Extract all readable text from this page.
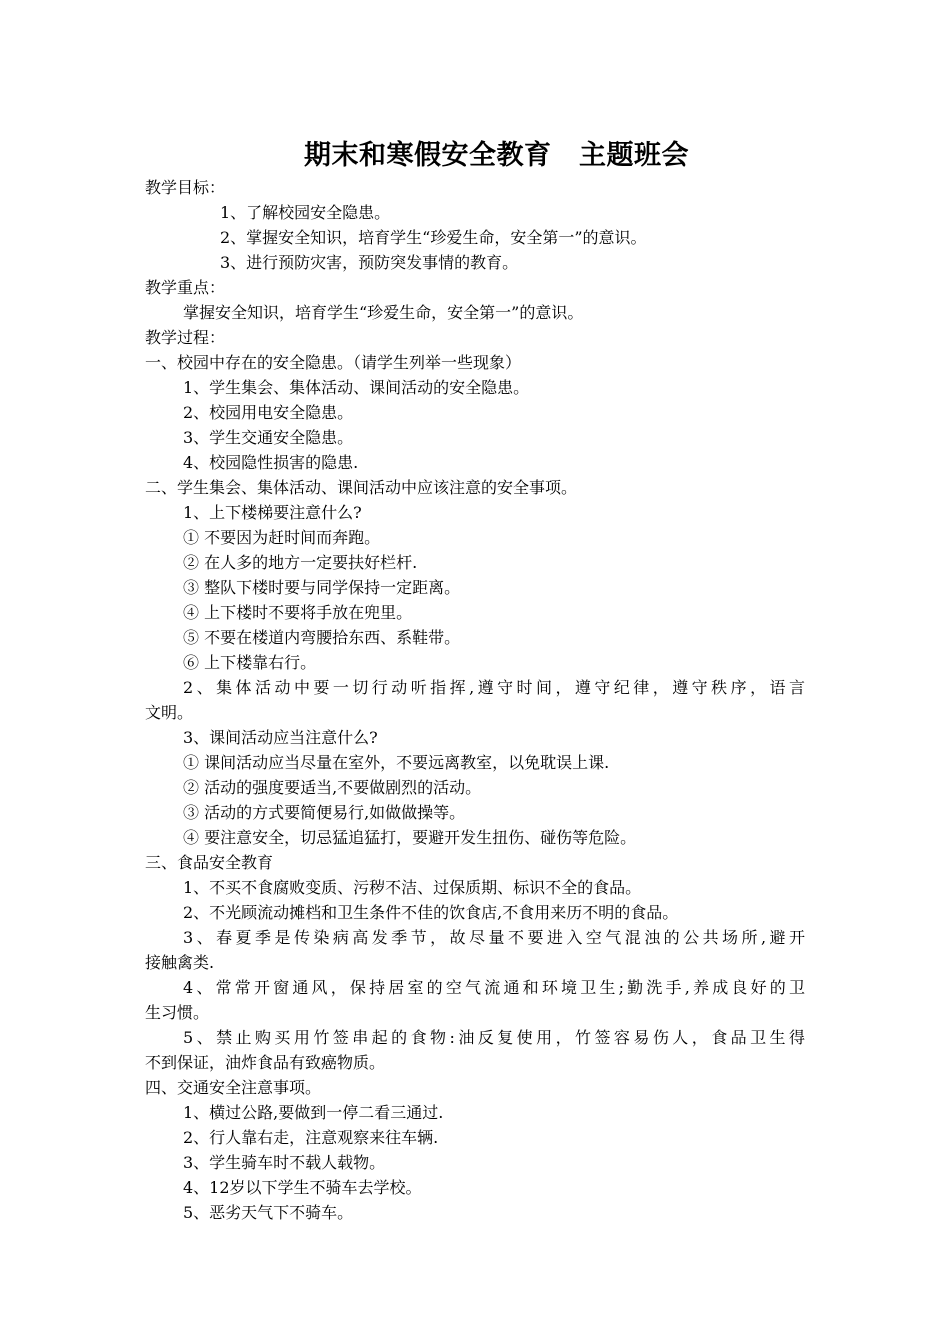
期末和寒假安全教育　主题班会
教学目标：
1、了解校园安全隐患。
2、掌握安全知识，培育学生“珍爱生命，安全第一”的意识。
3、进行预防灾害，预防突发事情的教育。
教学重点：
掌握安全知识，培育学生“珍爱生命，安全第一”的意识。
教学过程：
一、校园中存在的安全隐患。（请学生列举一些现象）
1、学生集会、集体活动、课间活动的安全隐患。
2、校园用电安全隐患。
3、学生交通安全隐患。
4、校园隐性损害的隐患.
二、学生集会、集体活动、课间活动中应该注意的安全事项。
1、上下楼梯要注意什么?
① 不要因为赶时间而奔跑。
② 在人多的地方一定要扶好栏杆.
③ 整队下楼时要与同学保持一定距离。
④ 上下楼时不要将手放在兜里。
⑤ 不要在楼道内弯腰拾东西、系鞋带。
⑥ 上下楼靠右行。
2、集体活动中要一切行动听指挥,遵守时间，遵守纪律，遵守秩序，语言
文明。
3、课间活动应当注意什么?
① 课间活动应当尽量在室外，不要远离教室，以免耽误上课.
② 活动的强度要适当,不要做剧烈的活动。
③ 活动的方式要简便易行,如做做操等。
④ 要注意安全，切忌猛追猛打，要避开发生扭伤、碰伤等危险。
三、食品安全教育
1、不买不食腐败变质、污秽不洁、过保质期、标识不全的食品。
2、不光顾流动摊档和卫生条件不佳的饮食店,不食用来历不明的食品。
3、春夏季是传染病高发季节，故尽量不要进入空气混浊的公共场所,避开
接触禽类.
4、常常开窗通风，保持居室的空气流通和环境卫生;勤洗手,养成良好的卫
生习惯。
5、禁止购买用竹签串起的食物:油反复使用，竹签容易伤人，食品卫生得
不到保证，油炸食品有致癌物质。
四、交通安全注意事项。
1、横过公路,要做到一停二看三通过.
2、行人靠右走，注意观察来往车辆.
3、学生骑车时不载人载物。
4、12岁以下学生不骑车去学校。
5、恶劣天气下不骑车。
